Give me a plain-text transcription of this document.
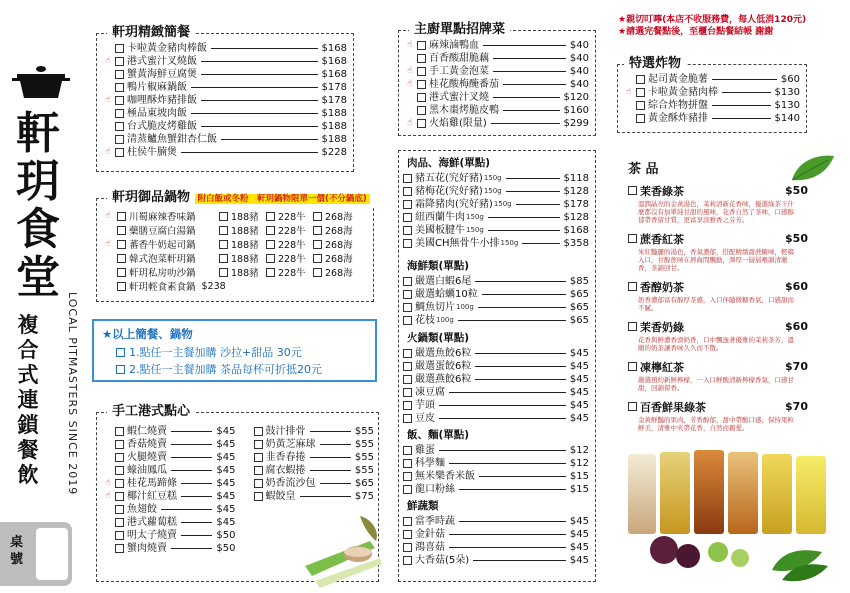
軒
玥
食
堂
複
合
式
連
鎖
餐
飲	LOCAL PITMASTERS SINCE 2019
桌
號
軒玥精緻簡餐
卡啦黃金豬肉棒飯	$168
☝	港式蜜汁叉燒飯	$168
蟹黃海鮮豆腐煲	$168
鴨片椒麻鍋飯	$178
☝	咖哩酥炸豬排飯	$178
極品東坡肉飯	$188
台式脆皮烤雞飯	$188
清蒸鱸魚蟹鉗杏仁飯	$188
☝	柱侯牛腩煲	$228
軒玥御品鍋物 附白飯或冬粉　軒玥鍋物限單一價(不分鍋底)
☝	川蜀麻辣香味鍋	188豬 228牛 268海
藥膳豆腐白湯鍋	188豬 228牛 268海
☝	蕃香牛奶起司鍋	188豬 228牛 268海
韓式泡菜軒玥鍋	188豬 228牛 268海
軒玥私房叻沙鍋	188豬 228牛 268海
軒玥輕食素食鍋 $238
★以上簡餐、鍋物
1.點任一主餐加購 沙拉+甜品 30元
2.點任一主餐加購 茶品每杯可折抵20元
手工港式點心
蝦仁燒賣	$45
香菇燒賣	$45
火腿燒賣	$45
蠔油鳳瓜	$45
☝	桂花馬蹄條	$45
☝	椰汁紅豆糕	$45
魚翅餃	$45
港式蘿蔔糕	$45
明太子燒賣	$50
蟹肉燒賣	$50
鼓汁排骨	$55
奶黃芝麻球	$55
韭香春捲	$55
腐衣蝦捲	$55
奶香流沙包	$65
蝦餃皇	$75
主廚單點招牌菜
☝	麻辣滷鴨血	$40
百香酸甜脆藕	$40
☝	手工黃金泡菜	$40
☝	桂花酸梅醃番茄	$40
港式蜜汁叉燒	$120
黑木棗烤脆皮鴨	$160
☝	火焰雞(限量)	$299
肉品、海鮮(單點)
豬五花(究好豬) 150g	$118
豬梅花(究好豬) 150g	$128
霜降豬肉(究好豬) 150g	$178
紐西蘭牛肉 150g	$128
美國板腱牛 150g	$168
美國CH無骨牛小排 150g	$358
海鮮類(單點)
嚴選白蝦6尾	$85
嚴選蛤蠣10粒	$65
鯛魚切片 100g	$65
花枝 100g	$65
火鍋類(單點)
嚴選魚餃6粒	$45
嚴選蛋餃6粒	$45
嚴選燕餃6粒	$45
凍豆腐	$45
芋頭	$45
豆皮	$45
飯、麵(單點)
雞蛋	$12
科學麵	$12
無米樂香米飯	$15
龍口粉絲	$15
鮮蔬類
當季時蔬	$45
金針菇	$45
鴻喜菇	$45
大香菇(5朵)	$45
★親切叮嚀(本店不收服務費，每人低消120元)
★請選完餐點後，至櫃台點餐結帳 謝謝
特選炸物
起司黃金脆薯	$60
☝	卡啦黃金豬肉棒	$130
綜合炸物拼盤	$130
黃金酥炸豬排	$140
茶 品
茉香綠茶	$50
溫潤晶亮的金黃湯色，茉莉清新花香味，優選綠茶下什麼都沒有加單純甘甜的風味，花香自然了茶味，口感醇郁帶香留甘質，更富享淡雅香之芬芳。
蔗香紅茶	$50
朱紅豔麗的湯色，香氣濃郁，搭配精緻甜蔗糖味，輕啜入口，甘醇蔗味在唇齒間飄動，渾厚一層層喉韻清澈香，茶韻回甘。
香醇奶茶	$60
奶香濃郁富有醇厚茶感，入口伴隨微糖香氣，口感甜而不膩。
茉香奶綠	$60
花香與鮮濃香滑奶香，口中飄逸著優雅的茉莉茶芳，溫順的奶茶讓香味久久而不散。
凍檸紅茶	$70
嚴選預約新鮮檸檬，一入口鮮酸清新檸檬香氣，口感甘甜，回韻留香。
百香鮮果綠茶	$70
金黃鮮豔的果肉，芳香醇郁，甜中帶酸口感，保持果粒鮮美，清雅中夾帶花香，自然而親愛。
